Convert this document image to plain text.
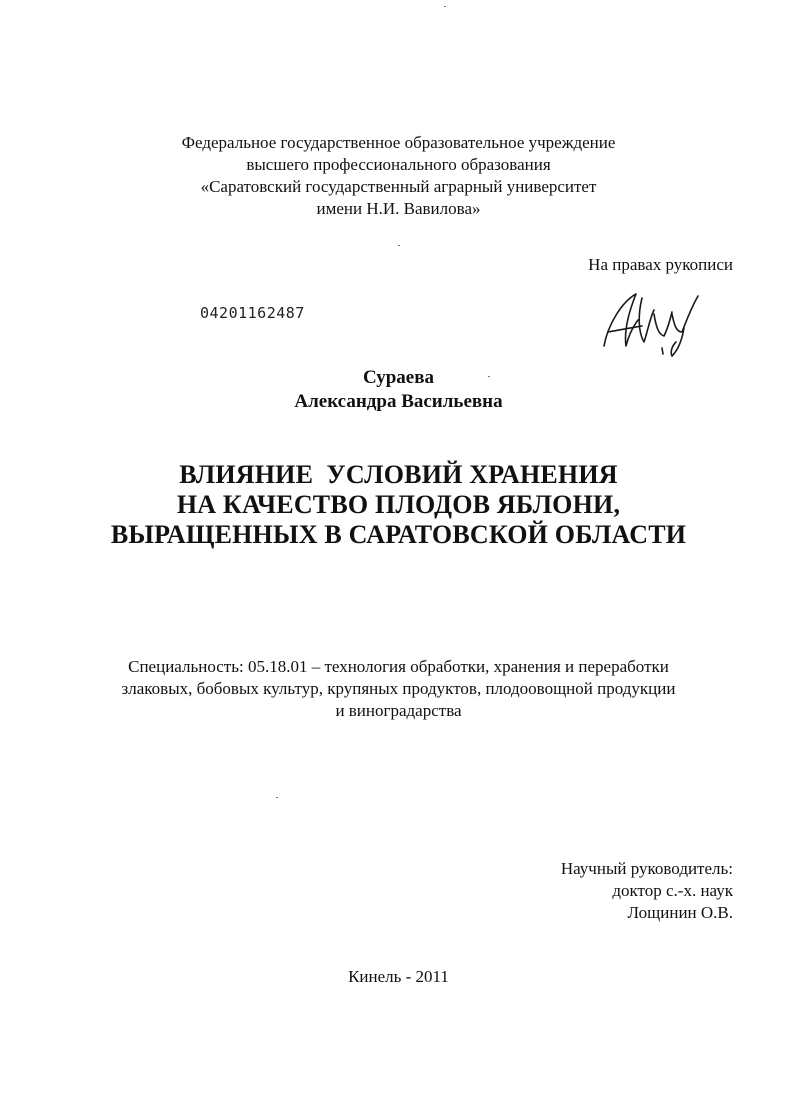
Федеральное государственное образовательное учреждение
высшего профессионального образования
«Саратовский государственный аграрный университет
имени Н.И. Вавилова»
На правах рукописи
04201162487
Сураева
Александра Васильевна
ВЛИЯНИЕ  УСЛОВИЙ ХРАНЕНИЯ
НА КАЧЕСТВО ПЛОДОВ ЯБЛОНИ,
ВЫРАЩЕННЫХ В САРАТОВСКОЙ ОБЛАСТИ
Специальность: 05.18.01 – технология обработки, хранения и переработки
злаковых, бобовых культур, крупяных продуктов, плодоовощной продукции
и виноградарства
Научный руководитель:
доктор с.-х. наук
Лощинин О.В.
Кинель - 2011
